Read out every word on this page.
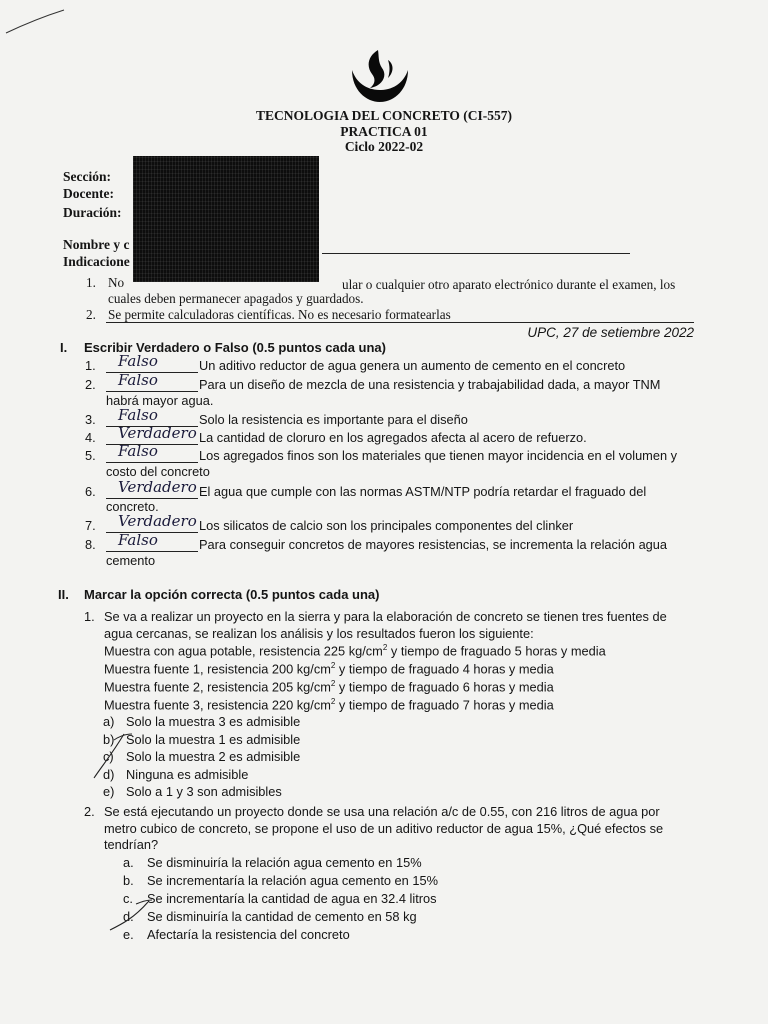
TECNOLOGIA DEL CONCRETO (CI-557)
PRACTICA 01
Ciclo 2022-02
Sección:
Docente:
Duración:
Nombre y c
Indicacione
1. No	ular o cualquier otro aparato electrónico durante el examen, los
cuales deben permanecer apagados y guardados.
2. Se permite calculadoras científicas. No es necesario formatearlas
UPC, 27 de setiembre 2022
I. Escribir Verdadero o Falso (0.5 puntos cada una)
1. Falso	Un aditivo reductor de agua genera un aumento de cemento en el concreto
2. Falso	Para un diseño de mezcla de una resistencia y trabajabilidad dada, a mayor TNM
habrá mayor agua.
3. Falso	Solo la resistencia es importante para el diseño
4. Verdadero La cantidad de cloruro en los agregados afecta al acero de refuerzo.
5. Falso	Los agregados finos son los materiales que tienen mayor incidencia en el volumen y
costo del concreto
6. Verdadero El agua que cumple con las normas ASTM/NTP podría retardar el fraguado del
concreto.
7. Verdadero Los silicatos de calcio son los principales componentes del clinker
8. Falso	Para conseguir concretos de mayores resistencias, se incrementa la relación agua
cemento
II. Marcar la opción correcta (0.5 puntos cada una)
1. Se va a realizar un proyecto en la sierra y para la elaboración de concreto se tienen tres fuentes de
agua cercanas, se realizan los análisis y los resultados fueron los siguiente:
Muestra con agua potable, resistencia 225 $kg/cm^2$ y tiempo de fraguado 5 horas y media
Muestra fuente 1, resistencia 200 $kg/cm^2$ y tiempo de fraguado 4 horas y media
Muestra fuente 2, resistencia 205 $kg/cm^2$ y tiempo de fraguado 6 horas y media
Muestra fuente 3, resistencia 220 $kg/cm^2$ y tiempo de fraguado 7 horas y media
a) Solo la muestra 3 es admisible
b) Solo la muestra 1 es admisible
c) Solo la muestra 2 es admisible
d) Ninguna es admisible
e) Solo a 1 y 3 son admisibles
2. Se está ejecutando un proyecto donde se usa una relación a/c de 0.55, con 216 litros de agua por
metro cubico de concreto, se propone el uso de un aditivo reductor de agua 15%, ¿Qué efectos se
tendrían?
a. Se disminuiría la relación agua cemento en 15%
b. Se incrementaría la relación agua cemento en 15%
c. Se incrementaría la cantidad de agua en 32.4 litros
d. Se disminuiría la cantidad de cemento en 58 kg
e. Afectaría la resistencia del concreto
